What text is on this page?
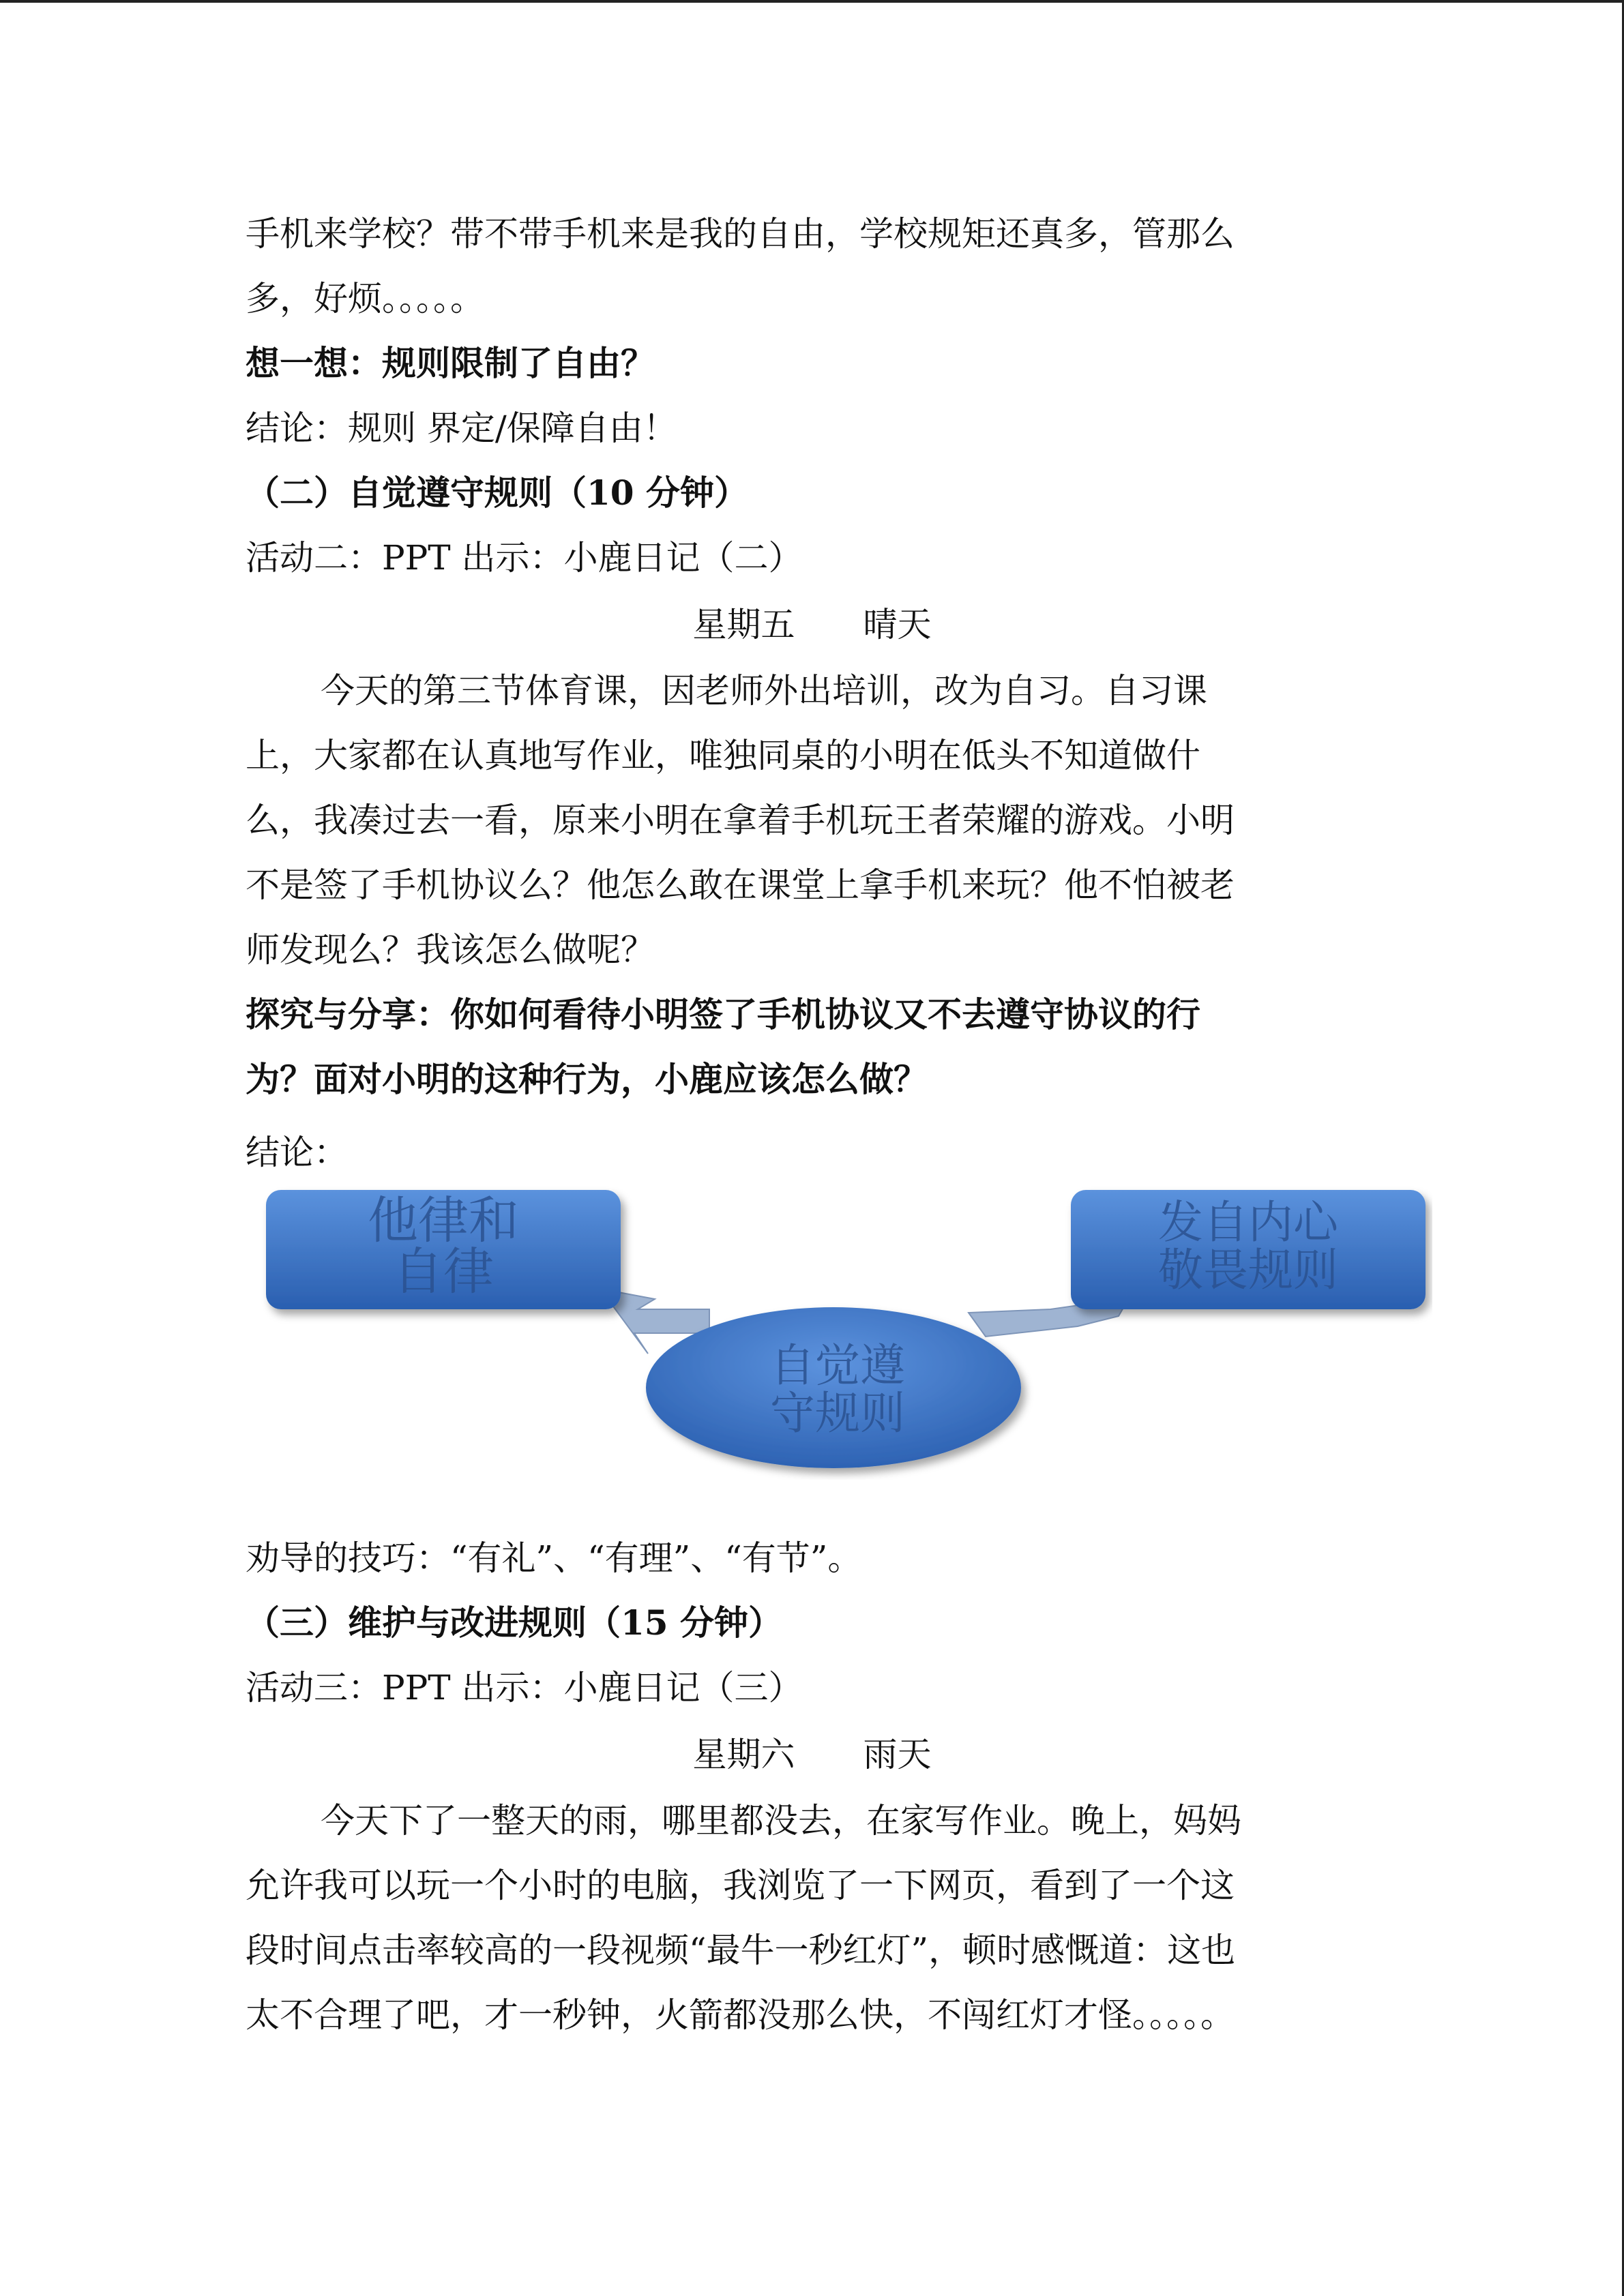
手机来学校？带不带手机来是我的自由，学校规矩还真多，管那么
多，好烦。。。。。
想一想：规则限制了自由？
结论：规则 界定/保障自由！
（二）自觉遵守规则（10 分钟）
活动二：PPT 出示：小鹿日记（二）
星期五　　晴天
今天的第三节体育课，因老师外出培训，改为自习。自习课
上，大家都在认真地写作业，唯独同桌的小明在低头不知道做什
么，我凑过去一看，原来小明在拿着手机玩王者荣耀的游戏。小明
不是签了手机协议么？他怎么敢在课堂上拿手机来玩？他不怕被老
师发现么？我该怎么做呢？
探究与分享：你如何看待小明签了手机协议又不去遵守协议的行
为？面对小明的这种行为，小鹿应该怎么做？
结论：
他律和
自律
发自内心
敬畏规则
自觉遵
守规则
劝导的技巧：“有礼”、“有理”、“有节”。
（三）维护与改进规则（15 分钟）
活动三：PPT 出示：小鹿日记（三）
星期六　　雨天
今天下了一整天的雨，哪里都没去，在家写作业。晚上，妈妈
允许我可以玩一个小时的电脑，我浏览了一下网页，看到了一个这
段时间点击率较高的一段视频“最牛一秒红灯”，顿时感慨道：这也
太不合理了吧，才一秒钟，火箭都没那么快，不闯红灯才怪。。。。。
